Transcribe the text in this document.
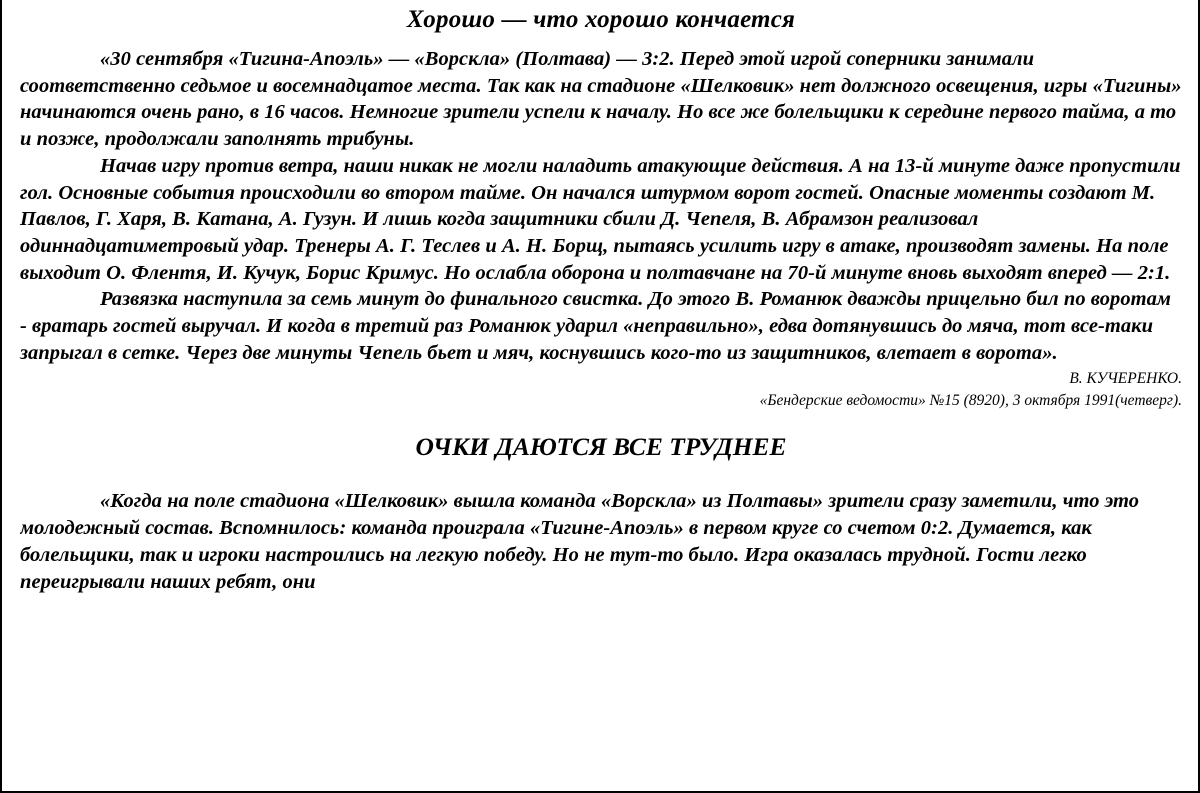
Хорошо — что хорошо кончается

«30 сентября «Тигина-Апоэль» — «Ворскла» (Полтава) — 3:2. Перед этой игрой соперники занимали соответственно седьмое и восемнадцатое места. Так как на стадионе «Шелковик» нет должного освещения, игры «Тигины» начинаются очень рано, в 16 часов. Немногие зрители успели к началу. Но все же болельщики к середине первого тайма, а то и позже, продолжали заполнять трибуны.

Начав игру против ветра, наши никак не могли наладить атакующие действия. А на 13-й минуте даже пропустили гол. Основные события происходили во втором тайме. Он начался штурмом ворот гостей. Опасные моменты создают М. Павлов, Г. Харя, В. Катана, А. Гузун. И лишь когда защитники сбили Д. Чепеля, В. Абрамзон реализовал одиннадцатиметровый удар. Тренеры А. Г. Теслев и А. Н. Борщ, пытаясь усилить игру в атаке, производят замены. На поле выходит О. Флентя, И. Кучук, Борис Кримус. Но ослабла оборона и полтавчане на 70-й минуте вновь выходят вперед — 2:1.

Развязка наступила за семь минут до финального свистка. До этого В. Романюк дважды прицельно бил по воротам - вратарь гостей выручал. И когда в третий раз Романюк ударил «неправильно», едва дотянувшись до мяча, тот все-таки запрыгал в сетке. Через две минуты Чепель бьет и мяч, коснувшись кого-то из защитников, влетает в ворота».

В. КУЧЕРЕНКО.

«Бендерские ведомости» №15 (8920), 3 октября 1991(четверг).

ОЧКИ ДАЮТСЯ ВСЕ ТРУДНЕЕ

«Когда на поле стадиона «Шелковик» вышла команда «Ворскла» из Полтавы» зрители сразу заметили, что это молодежный состав. Вспомнилось: команда проиграла «Тигине-Апоэль» в первом круге со счетом 0:2. Думается, как болельщики, так и игроки настроились на легкую победу. Но не тут-то было. Игра оказалась трудной. Гости легко переигрывали наших ребят, они
